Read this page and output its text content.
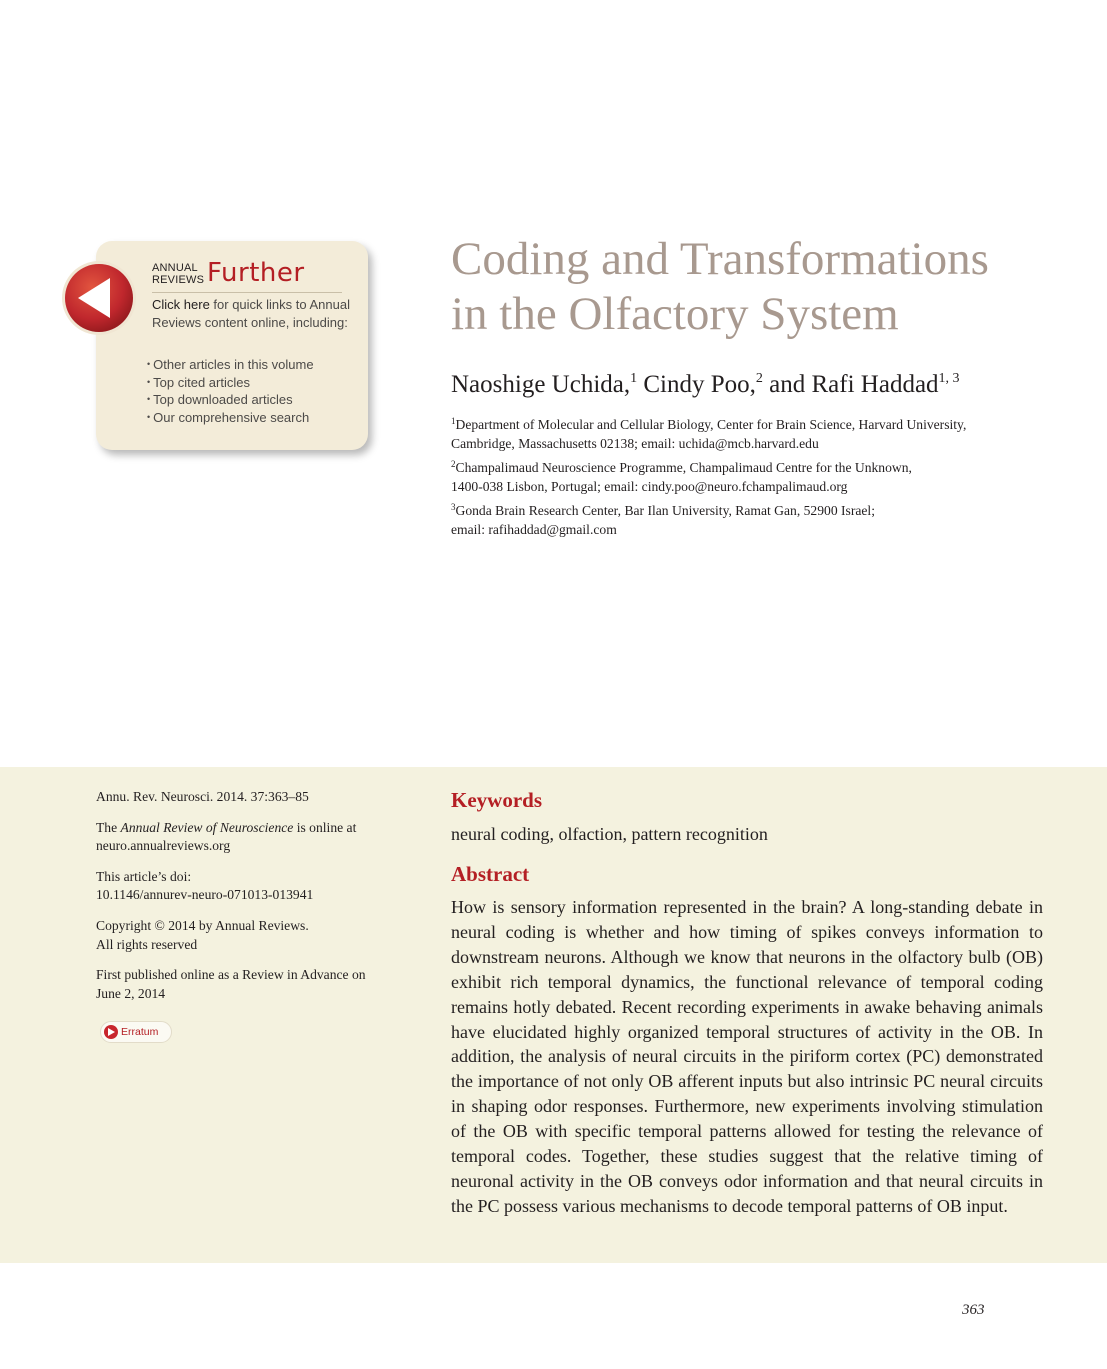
ANNUAL
REVIEWS Further
Click here for quick links to Annual Reviews content online, including:
• Other articles in this volume
• Top cited articles
• Top downloaded articles
• Our comprehensive search
Coding and Transformations
in the Olfactory System
Naoshige Uchida,$^1$ Cindy Poo,$^2$ and Rafi Haddad$^{1, 3}$
$^1$Department of Molecular and Cellular Biology, Center for Brain Science, Harvard University,
Cambridge, Massachusetts 02138; email: uchida@mcb.harvard.edu
$^2$Champalimaud Neuroscience Programme, Champalimaud Centre for the Unknown,
1400-038 Lisbon, Portugal; email: cindy.poo@neuro.fchampalimaud.org
$^3$Gonda Brain Research Center, Bar Ilan University, Ramat Gan, 52900 Israel;
email: rafihaddad@gmail.com

Annu. Rev. Neurosci. 2014. 37:363–85

The Annual Review of Neuroscience is online at
neuro.annualreviews.org

This article’s doi:
10.1146/annurev-neuro-071013-013941

Copyright © 2014 by Annual Reviews.
All rights reserved

First published online as a Review in Advance on
June 2, 2014

Erratum
Keywords
neural coding, olfaction, pattern recognition
Abstract

How is sensory information represented in the brain? A long-standing debate in neural coding is whether and how timing of spikes conveys information to downstream neurons. Although we know that neurons in the olfactory bulb (OB) exhibit rich temporal dynamics, the functional relevance of temporal coding remains hotly debated. Recent recording experiments in awake behaving animals have elucidated highly organized temporal structures of activity in the OB. In addition, the analysis of neural circuits in the piriform cortex (PC) demonstrated the importance of not only OB afferent inputs but also intrinsic PC neural circuits in shaping odor responses. Furthermore, new experiments involving stimulation of the OB with specific temporal patterns allowed for testing the relevance of temporal codes. Together, these studies suggest that the relative timing of neuronal activity in the OB conveys odor information and that neural circuits in the PC possess various mechanisms to decode temporal patterns of OB input.

363
